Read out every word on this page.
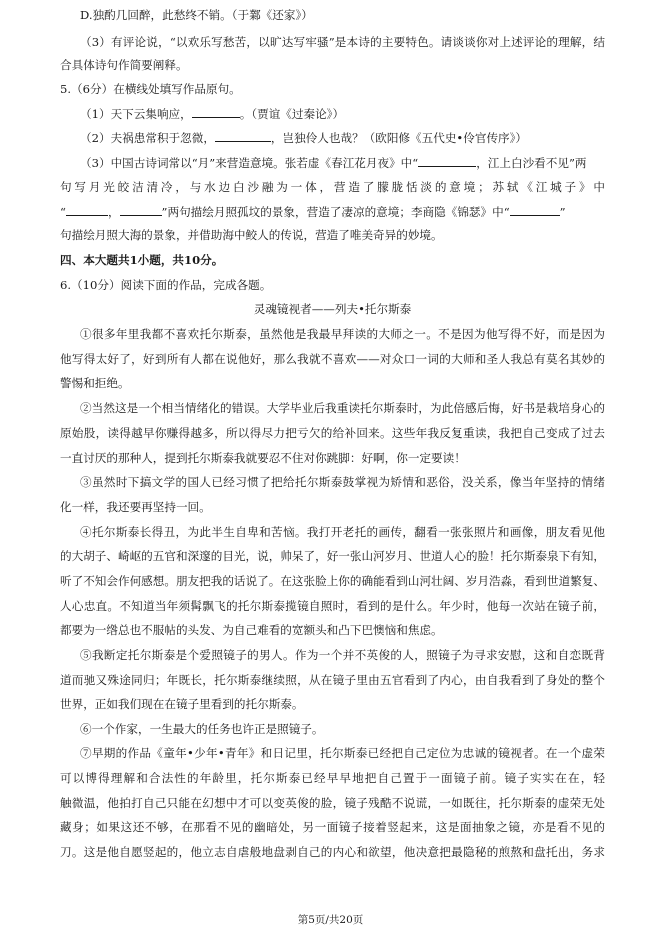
D.独酌几回醉，此愁终不销。（于鄴《还家》）
（3）有评论说，“以欢乐写愁苦，以旷达写牢骚”是本诗的主要特色。请谈谈你对上述评论的理解，结
合具体诗句作简要阐释。
5.（6分）在横线处填写作品原句。
（1）天下云集响应，	。（贾谊《过秦论》）
（2）夫祸患常积于忽微，	，岂独伶人也哉？（欧阳修《五代史•伶官传序》）
（3）中国古诗词常以“月”来营造意境。张若虚《春江花月夜》中“	，江上白沙看不见”两
句写月光皎洁清冷，与水边白沙融为一体，营造了朦胧恬淡的意境；苏轼《江城子》中
“	，	”两句描绘月照孤坟的景象，营造了凄凉的意境；李商隐《锦瑟》中“	”
句描绘月照大海的景象，并借助海中鲛人的传说，营造了唯美奇异的妙境。
四、本大题共1小题，共10分。
6.（10分）阅读下面的作品，完成各题。
灵魂镜视者——列夫•托尔斯泰
①很多年里我都不喜欢托尔斯泰，虽然他是我最早拜读的大师之一。不是因为他写得不好，而是因为
他写得太好了，好到所有人都在说他好，那么我就不喜欢——对众口一词的大师和圣人我总有莫名其妙的
警惕和拒绝。
②当然这是一个相当情绪化的错误。大学毕业后我重读托尔斯泰时，为此倍感后悔，好书是栽培身心的
原始股，读得越早你赚得越多，所以得尽力把亏欠的给补回来。这些年我反复重读，我把自己变成了过去
一直讨厌的那种人，提到托尔斯泰我就要忍不住对你跳脚：好啊，你一定要读！
③虽然时下搞文学的国人已经习惯了把给托尔斯泰鼓掌视为矫情和恶俗，没关系，像当年坚持的情绪
化一样，我还要再坚持一回。
④托尔斯泰长得丑，为此半生自卑和苦恼。我打开老托的画传，翻看一张张照片和画像，朋友看见他
的大胡子、崎岖的五官和深邃的目光，说，帅呆了，好一张山河岁月、世道人心的脸！托尔斯泰泉下有知，
听了不知会作何感想。朋友把我的话说了。在这张脸上你的确能看到山河壮阔、岁月浩淼，看到世道繁复、
人心忠直。不知道当年须髯飘飞的托尔斯泰揽镜自照时，看到的是什么。年少时，他每一次站在镜子前，
都要为一绺总也不服帖的头发、为自己难看的宽额头和凸下巴懊恼和焦虑。
⑤我断定托尔斯泰是个爱照镜子的男人。作为一个并不英俊的人，照镜子为寻求安慰，这和自恋既背
道而驰又殊途同归；年既长，托尔斯泰继续照，从在镜子里由五官看到了内心，由自我看到了身处的整个
世界，正如我们现在在镜子里看到的托尔斯泰。
⑥一个作家，一生最大的任务也许正是照镜子。
⑦早期的作品《童年•少年•青年》和日记里，托尔斯泰已经把自己定位为忠诚的镜视者。在一个虚荣
可以博得理解和合法性的年龄里，托尔斯泰已经早早地把自己置于一面镜子前。镜子实实在在，轻
触微温，他拍打自己只能在幻想中才可以变英俊的脸，镜子残酷不说谎，一如既往，托尔斯泰的虚荣无处
藏身；如果这还不够，在那看不见的幽暗处，另一面镜子接着竖起来，这是面抽象之镜，亦是看不见的
刀。这是他自愿竖起的，他立志自虐般地盘剥自己的内心和欲望，他决意把最隐秘的煎熬和盘托出，务求
第5页/共20页
